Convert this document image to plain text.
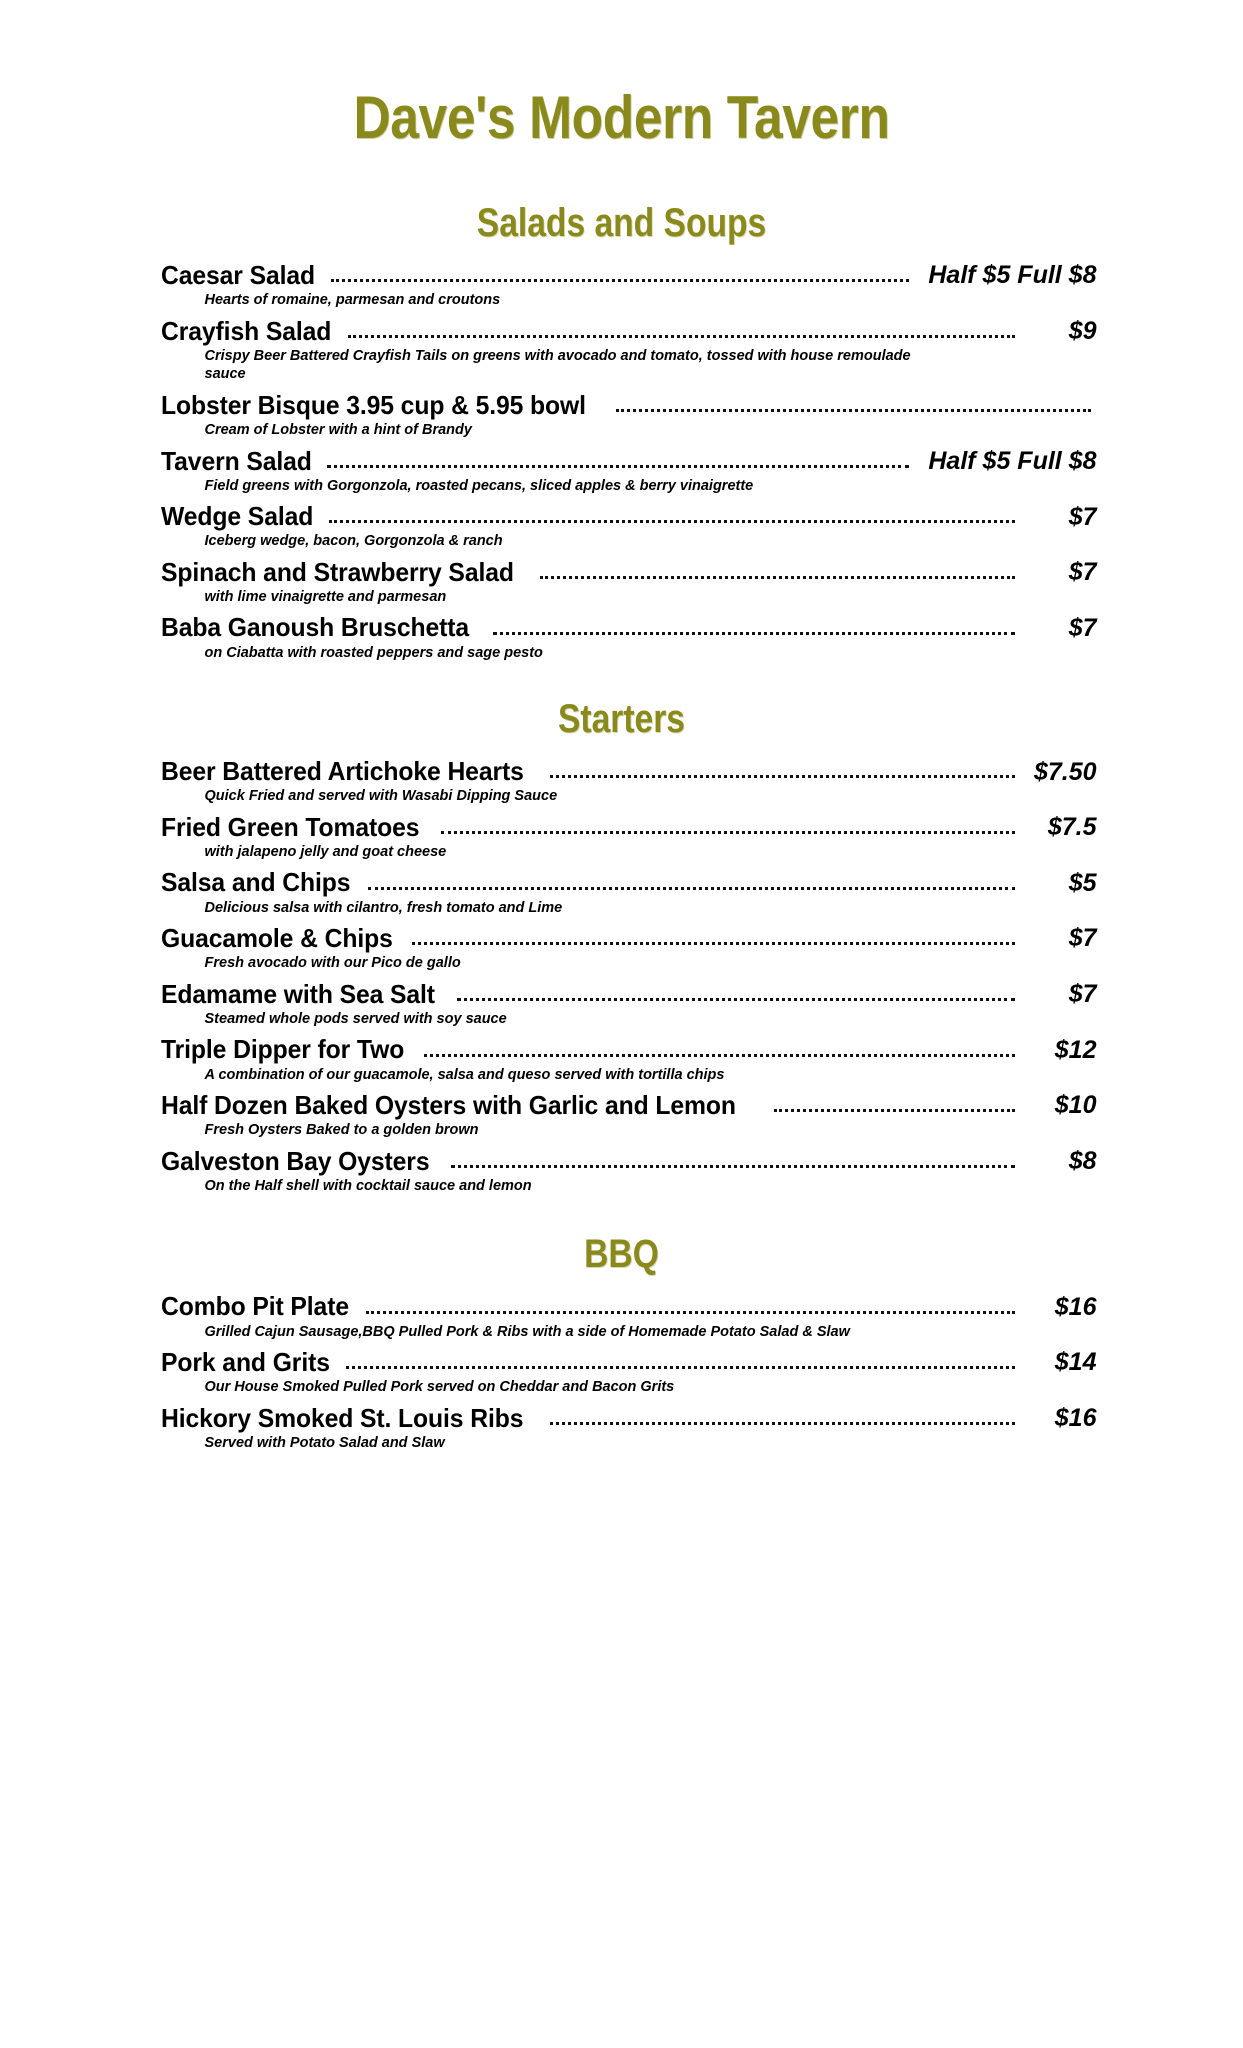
Dave's Modern Tavern
Salads and Soups
Caesar Salad	Half $5 Full $8
Hearts of romaine, parmesan and croutons
Crayfish Salad	$9
Crispy Beer Battered Crayfish Tails on greens with avocado and tomato, tossed with house remoulade sauce
Lobster Bisque 3.95 cup & 5.95 bowl
Cream of Lobster with a hint of Brandy
Tavern Salad	Half $5 Full $8
Field greens with Gorgonzola, roasted pecans, sliced apples & berry vinaigrette
Wedge Salad	$7
Iceberg wedge, bacon, Gorgonzola & ranch
Spinach and Strawberry Salad	$7
with lime vinaigrette and parmesan
Baba Ganoush Bruschetta	$7
on Ciabatta with roasted peppers and sage pesto
Starters
Beer Battered Artichoke Hearts	$7.50
Quick Fried and served with Wasabi Dipping Sauce
Fried Green Tomatoes	$7.5
with jalapeno jelly and goat cheese
Salsa and Chips	$5
Delicious salsa with cilantro, fresh tomato and Lime
Guacamole & Chips	$7
Fresh avocado with our Pico de gallo
Edamame with Sea Salt	$7
Steamed whole pods served with soy sauce
Triple Dipper for Two	$12
A combination of our guacamole, salsa and queso served with tortilla chips
Half Dozen Baked Oysters with Garlic and Lemon	$10
Fresh Oysters Baked to a golden brown
Galveston Bay Oysters	$8
On the Half shell with cocktail sauce and lemon
BBQ
Combo Pit Plate	$16
Grilled Cajun Sausage,BBQ Pulled Pork & Ribs with a side of Homemade Potato Salad & Slaw
Pork and Grits	$14
Our House Smoked Pulled Pork served on Cheddar and Bacon Grits
Hickory Smoked St. Louis Ribs	$16
Served with Potato Salad and Slaw
